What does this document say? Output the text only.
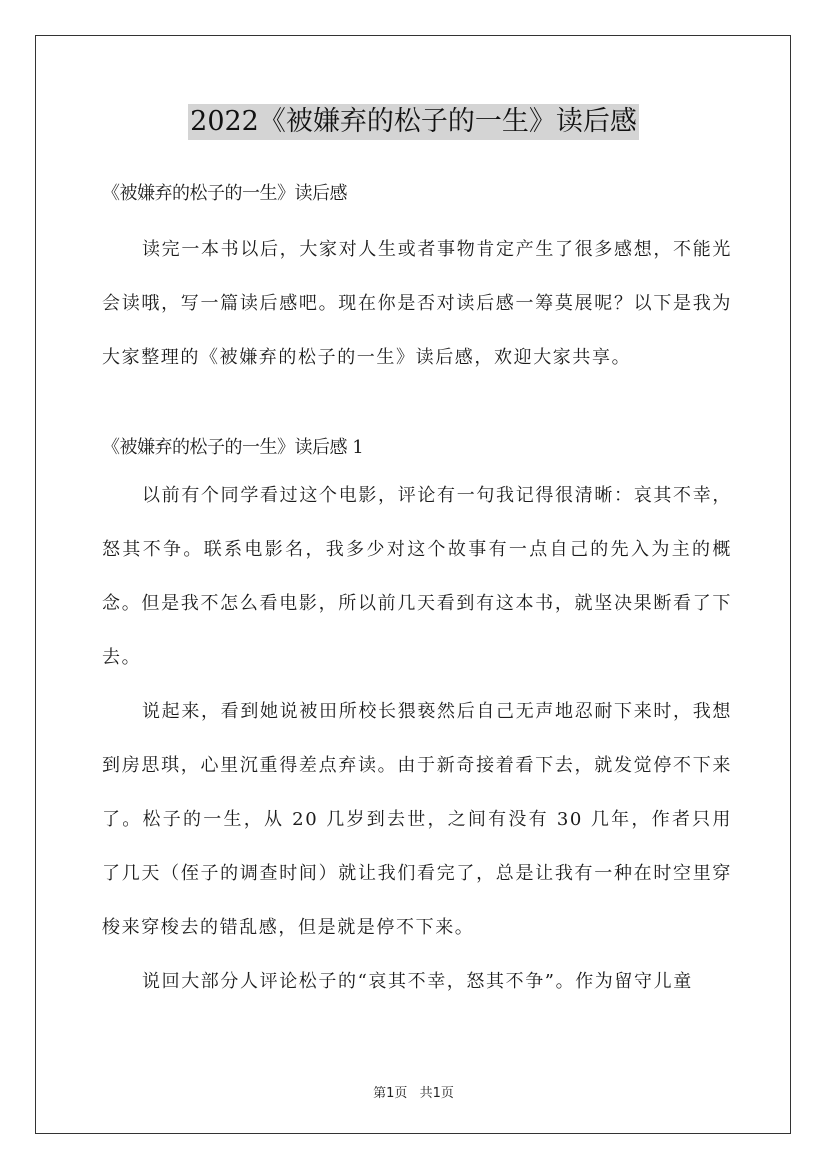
2022《被嫌弃的松子的一生》读后感

《被嫌弃的松子的一生》读后感

读完一本书以后，大家对人生或者事物肯定产生了很多感想，不能光会读哦，写一篇读后感吧。现在你是否对读后感一筹莫展呢？以下是我为大家整理的《被嫌弃的松子的一生》读后感，欢迎大家共享。

《被嫌弃的松子的一生》读后感 1

以前有个同学看过这个电影，评论有一句我记得很清晰：哀其不幸，怒其不争。联系电影名，我多少对这个故事有一点自己的先入为主的概念。但是我不怎么看电影，所以前几天看到有这本书，就坚决果断看了下去。

说起来，看到她说被田所校长猥亵然后自己无声地忍耐下来时，我想到房思琪，心里沉重得差点弃读。由于新奇接着看下去，就发觉停不下来了。松子的一生，从 20 几岁到去世，之间有没有 30 几年，作者只用了几天（侄子的调查时间）就让我们看完了，总是让我有一种在时空里穿梭来穿梭去的错乱感，但是就是停不下来。

说回大部分人评论松子的“哀其不幸，怒其不争”。作为留守儿童

第1页 共1页
